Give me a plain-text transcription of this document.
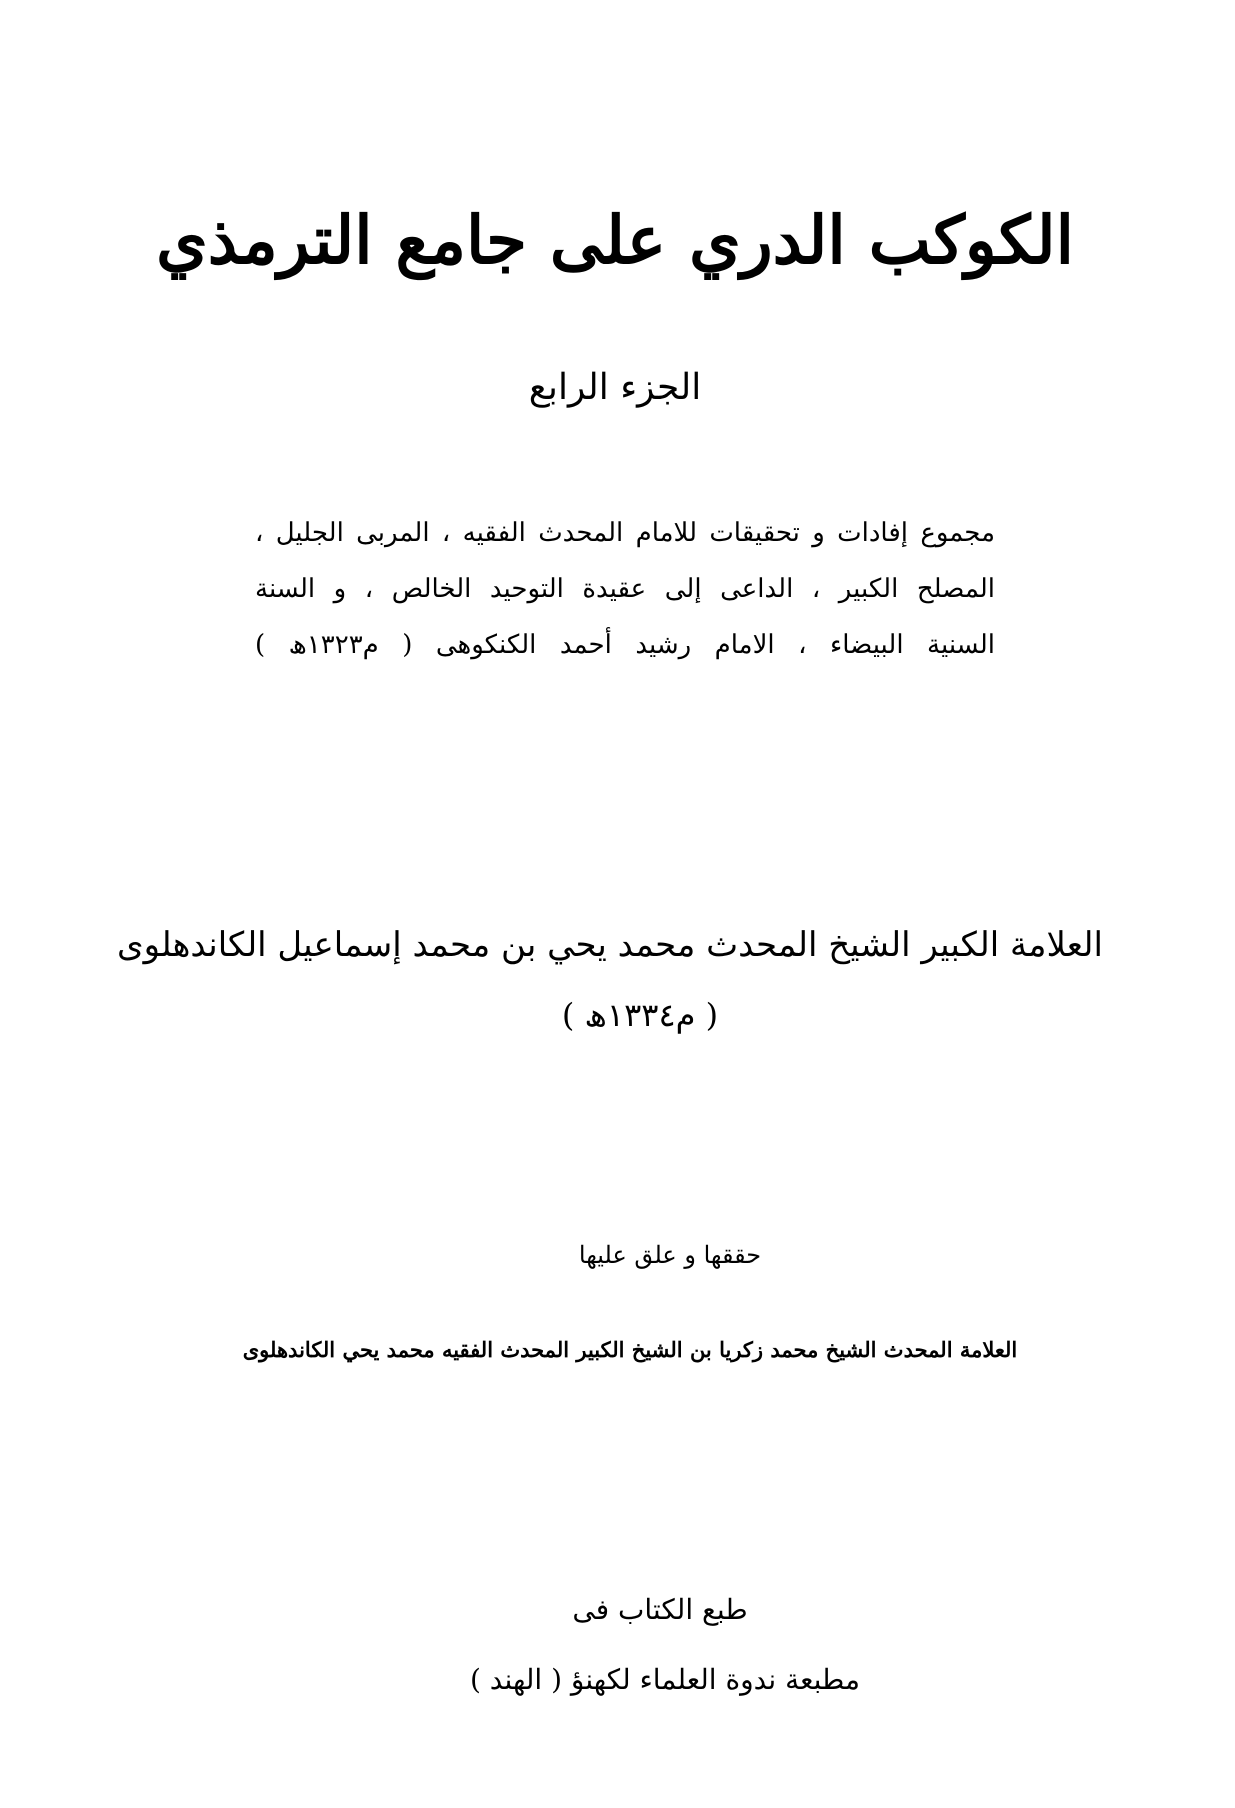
الكوكب الدري على جامع الترمذي
الجزء الرابع
مجموع إفادات و تحقيقات للامام المحدث الفقيه ، المربى الجليل ،
المصلح الكبير ، الداعى إلى عقيدة التوحيد الخالص ، و السنة
السنية البيضاء ، الامام رشيد أحمد الكنكوهى ( م١٣٢٣ھ )
العلامة الكبير الشيخ المحدث محمد يحي بن محمد إسماعيل الكاندهلوى
( م١٣٣٤ھ )
حققها و علق عليها
العلامة المحدث الشيخ محمد زكريا بن الشيخ الكبير المحدث الفقيه محمد يحي الكاندهلوى
طبع الكتاب فى
مطبعة ندوة العلماء لكهنؤ ( الهند )
